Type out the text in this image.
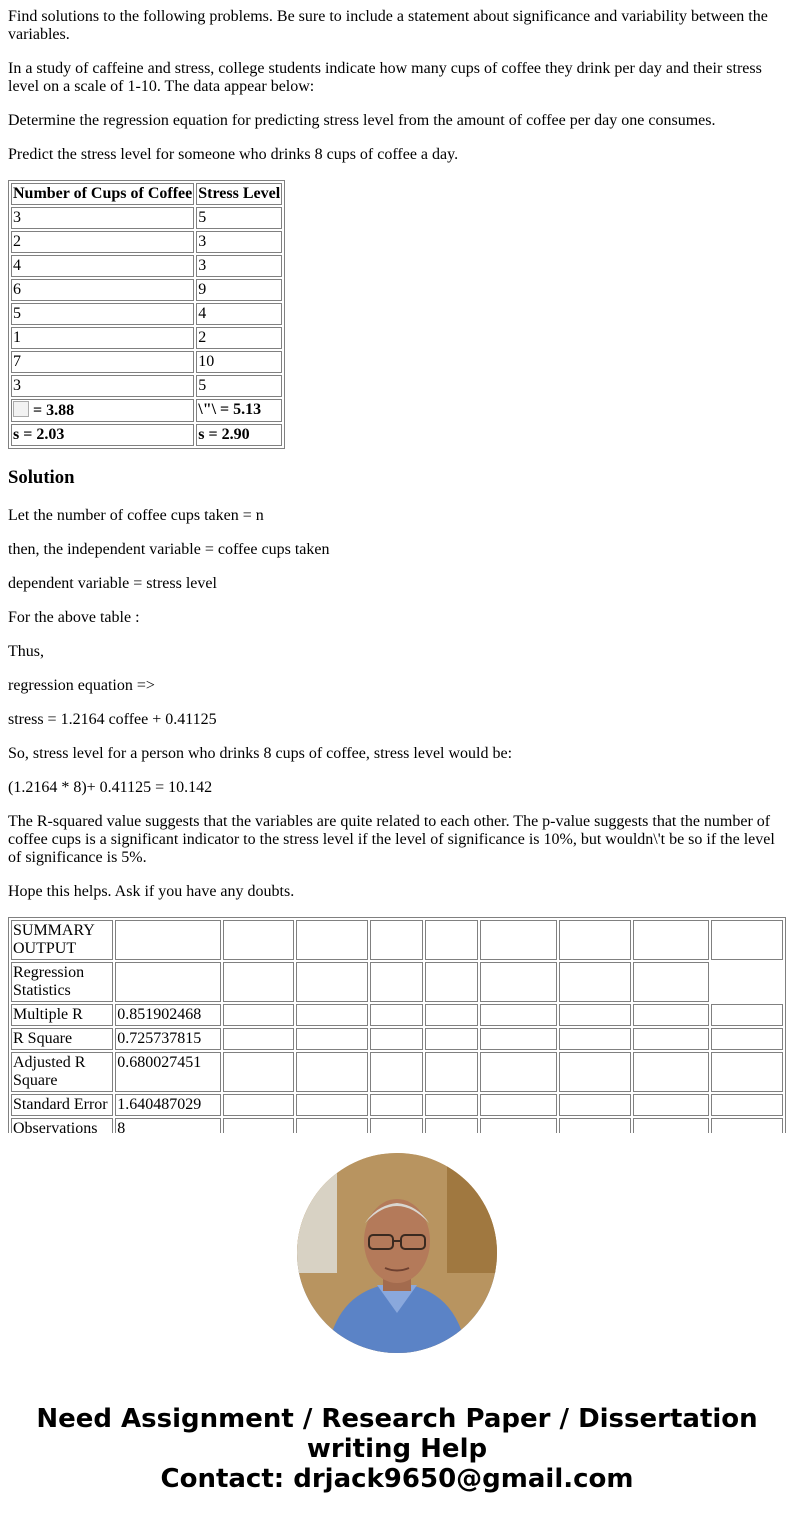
Find solutions to the following problems. Be sure to include a statement about significance and variability between the variables.

In a study of caffeine and stress, college students indicate how many cups of coffee they drink per day and their stress level on a scale of 1-10. The data appear below:

Determine the regression equation for predicting stress level from the amount of coffee per day one consumes.

Predict the stress level for someone who drinks 8 cups of coffee a day.

Number of Cups of Coffee	Stress Level
3	5
2	3
4	3
6	9
5	4
1	2
7	10
3	5
= 3.88	\"\ = 5.13
s = 2.03	s = 2.90
Solution

Let the number of coffee cups taken = n

then, the independent variable = coffee cups taken

dependent variable = stress level

For the above table :

Thus,

regression equation =>

stress = 1.2164 coffee + 0.41125

So, stress level for a person who drinks 8 cups of coffee, stress level would be:

(1.2164 * 8)+ 0.41125 = 10.142

The R-squared value suggests that the variables are quite related to each other. The p-value suggests that the number of coffee cups is a significant indicator to the stress level if the level of significance is 10%, but wouldn\'t be so if the level of significance is 5%.

Hope this helps. Ask if you have any doubts.

SUMMARY OUTPUT									
Regression Statistics									
Multiple R	0.851902468								
R Square	0.725737815								
Adjusted R Square	0.680027451								
Standard Error	1.640487029								
Observations	8								

Need Assignment / Research Paper / Dissertation writing Help
Contact: drjack9650@gmail.com
